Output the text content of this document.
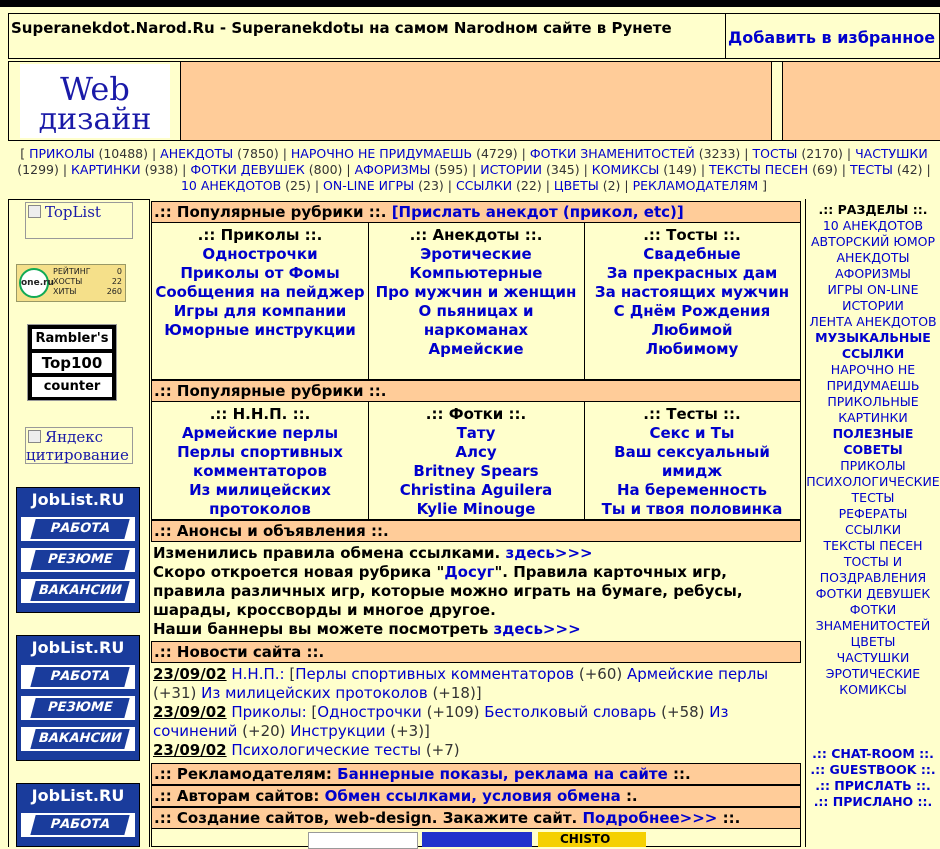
Superanekdot.Narod.Ru - Superanekdotы на самом Narodном сайте в Рунете	Добавить в избранное
Web
дизайн
[ ПРИКОЛЫ (10488) | АНЕКДОТЫ (7850) | НАРОЧНО НЕ ПРИДУМАЕШЬ (4729) | ФОТКИ ЗНАМЕНИТОСТЕЙ (3233) | ТОСТЫ (2170) | ЧАСТУШКИ (1299) | КАРТИНКИ (938) | ФОТКИ ДЕВУШЕК (800) | АФОРИЗМЫ (595) | ИСТОРИИ (345) | КОМИКСЫ (149) | ТЕКСТЫ ПЕСЕН (69) | ТЕСТЫ (42) | 10 АНЕКДОТОВ (25) | ON-LINE ИГРЫ (23) | ССЫЛКИ (22) | ЦВЕТЫ (2) | РЕКЛАМОДАТЕЛЯМ ]
TopList
one.ru
РЕЙТИНГ
ХОСТЫ
ХИТЫ
0
22
260
Rambler's
Top100
counter
Яндекс цитирование
JobList.RU
РАБОТА
РЕЗЮМЕ
ВАКАНСИИ
JobList.RU
РАБОТА
РЕЗЮМЕ
ВАКАНСИИ
JobList.RU
РАБОТА
.:: Популярные рубрики ::. [Прислать анекдот (прикол, etc)]
.:: Приколы ::.
Однострочки
Приколы от Фомы
Сообщения на пейджер
Игры для компании
Юморные инструкции
.:: Анекдоты ::.
Эротические
Компьютерные
Про мужчин и женщин
О пьяницах и наркоманах
Армейские
.:: Тосты ::.
Свадебные
За прекрасных дам
За настоящих мужчин
С Днём Рождения
Любимой
Любимому
.:: Популярные рубрики ::.
.:: Н.Н.П. ::.
Армейские перлы
Перлы спортивных комментаторов
Из милицейских протоколов
.:: Фотки ::.
Тату
Алсу
Britney Spears
Christina Aguilera
Kylie Minouge
.:: Тесты ::.
Секс и Ты
Ваш сексуальный имидж
На беременность
Ты и твоя половинка
.:: Анонсы и объявления ::.
Изменились правила обмена ссылками. здесь>>>
Скоро откроется новая рубрика "Досуг". Правила карточных игр, правила различных игр, которые можно играть на бумаге, ребусы, шарады, кроссворды и многое другое.
Наши баннеры вы можете посмотреть здесь>>>
.:: Новости сайта ::.
23/09/02 Н.Н.П.: [Перлы спортивных комментаторов (+60) Армейские перлы (+31) Из милицейских протоколов (+18)]
23/09/02 Приколы: [Однострочки (+109) Бестолковый словарь (+58) Из сочинений (+20) Инструкции (+3)]
23/09/02 Психологические тесты (+7)
.:: Рекламодателям: Баннерные показы, реклама на сайте ::.
.:: Авторам сайтов: Обмен ссылками, условия обмена :.
.:: Создание сайтов, web-design. Закажите сайт. Подробнее>>> ::.
CHISTO
.:: РАЗДЕЛЫ ::.
10 АНЕКДОТОВ
АВТОРСКИЙ ЮМОР
АНЕКДОТЫ
АФОРИЗМЫ
ИГРЫ ON-LINE
ИСТОРИИ
ЛЕНТА АНЕКДОТОВ
МУЗЫКАЛЬНЫЕ ССЫЛКИ
НАРОЧНО НЕ ПРИДУМАЕШЬ
ПРИКОЛЬНЫЕ КАРТИНКИ
ПОЛЕЗНЫЕ СОВЕТЫ
ПРИКОЛЫ
ПСИХОЛОГИЧЕСКИЕ ТЕСТЫ
РЕФЕРАТЫ
ССЫЛКИ
ТЕКСТЫ ПЕСЕН
ТОСТЫ И ПОЗДРАВЛЕНИЯ
ФОТКИ ДЕВУШЕК
ФОТКИ ЗНАМЕНИТОСТЕЙ
ЦВЕТЫ
ЧАСТУШКИ
ЭРОТИЧЕСКИЕ КОМИКСЫ
.:: CHAT-ROOM ::.
.:: GUESTBOOK ::.
.:: ПРИСЛАТЬ ::.
.:: ПРИСЛАНО ::.
